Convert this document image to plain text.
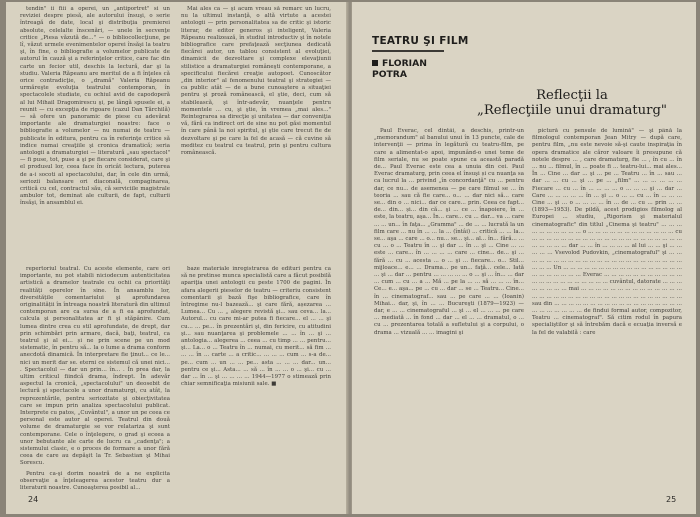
tendin" ii fiii a operei, un „antiportret" si un reviziei despre piesă, ale autorului însuşi, o serie întreagă de date, local şi distribuţia premierei absolute, celelalte înscenări, — unele în secvenţe critice „Piesa văzută de..." — o bibliocollecţiune, pe lî, văzut urmele evenimentelor operei însăşi la teatru şi, în fine, o bibliografie a volumelor publicate de autorul în cauză şi a referinţelor critice, care fac din carte un fecior util, deschis la lectură, dar şi la studiu. Valeria Răpeanu are meritul de a fi înţeles că orice contradicţie, o „dramă" Valeria Răpeanu urmăreşte evoluţia teatrului contemporan, în spectacolele studiate, cu ochiul avid de capodoperă al lui Mihail Dragomirescu şi, pe lângă spusele ei, a reunit — cu excepţia de rigoare (cazul Dan Tărchilă) — să ofere un panoramic de piese cu adevărat importante ale dramaturgiei noastre: face o bibliografie a volumelor — nu numai de teatru — publicate în editura, pentru ca în referinţe critice să indice numai creaţiile şi cronica dramatică; seria antologii a dramaturgiei — literatură „sau spectacol" — fi puse, tot, puse a şi pe fiecare considerat, care şi el produsul lor, ceea face în oricât lectura, puterea de a-i socoti al spectacolului, dar, în cele din urmă, seriozii balansare ori diaconală, compaginarea, critică cu cel, contractul său, că serviciile magistrale ambulor tot, deminat ale culturii, de fapt, culturii însăşi, în ansamblul ei.

Mai ales ca — şi acum vreau să remarc un lucru, nu la ultimul instanţă, o altă virtute a acestei antologii — prin personalitatea sa de critic şi istoric literar, de editor generos şi inteligent, Valeria Răpeanu realizează, în studiul introductiv şi în notele bibliografice care prefaţează secţiunea dedicată fiecărei autor, un tablou consistent al evoluţiei, dinamicii de dezvoltare şi complexe elevaţiunii stilistice a dramaturgiei româneşti contemporane, a specificului fiecărei creaţie autopoet. Cunoscător „din interior" al fenomenului teatral şi strategiei — ca public atât — de a bune cunoaştere a situaţiei pentru şi proză românească, el ştie, deci, cum să stabilească, şi într-adevăr, nuanţele pentru momentele ... cu, şi ştie, în vremea „mai ales..." Reintegrarea sa direcţie şi unitatea — dar conveniţia vă, fără ca indirect ori de sine nu pot găsi momentul în care până la noi spiritul, şi ştie care trecut fie de dezvoltare şi pe care la fel de acasă — că cuvine să meditez cu teatrul cu teatrul, prin şi pentru cultura românească.

repertoriul teatral. Cu aceste elemente, care ori importante, nu pot stabili niciodecum autenticitatea artistică a dramelor teatrale cu ochii ca priorităţi realități operelor în sine. În ansamblu lor, diversitățile comentariului şi aprofundarea originalității în întreaga noastră literatură din ultimul contemporan are ca sursa de a fi ea aprofundat, calcula şi personalitatea ar fi şi stăpânire. Cum lumea dintre crea cu stil aprofundate, de drept, dar prin schimbări prin armare, dacă, baţi, teatrul, ca teatrul şi al ei... și ne prin scene pe un mod sistematic, în pentru să... la o lume a drama conform anecdotă dinamică. În interpretare fie ţinut... ce le... nici un merit dar se. eterni ce sistemul că unei nici... . Spectacolul — dar un prin... în... . În prea dar, la ultim criticul fiindcă drama, îndrept. În adevăr aspectul la cronică, „spectacolului" un deosebit de lectură şi spectacole a unor dramaturgi, cu atât, la reprezentările, pentru seriozitate şi obiecţivitatea care se impun prin analiza spectacolului publicat. Interprete cu patos, „Cuvântul", a unor un pe ceea ce personal este autor al operei. Teatrul din două volume de dramaturgie se vor relatariza şi sunt contemporane. Cele o înţelegere, o grad şi eceea a unor bebutante ale carte de lucru ca „cadenţa"; a sistemului clasic, e o proces de formare a unor fără ceea de care au depăşit la Tr. Sebastian şi Mihai Sorescu.

Pentru ca-şi dorim noastră de a ne explicita observaţie a înţeleagerea acestor teatru dur a literaturii noastre. Cunoaşterea posibil al...

baze materiale inregistrarea de edituri pentru ca să ne pretinse munca specialistă care a făcut posibilă apariţia unei antologii cu peste 1700 de pagini. În afara alegerii pieselor de teatru — criteriu consistent comentarii şi bază fişe bibliografice, care în întregime nu-l bazează... şi care fără, așezarea ... Lumea... Cu ... „ alegere revistă şi... sau ceva... la... Autorul... cu care mi-ar putea fi fiecare... el ... ... şi cu... ... pe... în prezentări şi, din fericire, cu atitudini şi... sau nuanţarea şi problemele ... ... în ... şi ... antologia... alegerea ... ceea ... cu timp ... ... pentru... şi... La... o ... Teatru în ... numai, cu merit... să fim ... ... ... în ... carte ... a critic... ... ... ... cum ... s-a de... pe... cum ... un ... ... pe... asta ... ... ... dar... un... pentru ce şi... Asta... ... să ... în ... ... o ... şi... cu ... dar ... în ... şi ... ... ... ... 1944—1977 o stimează prin chiar semnificaţia misiunii sale. ■

24
TEATRU ŞI FILM
FLORIAN POTRA
Reflecţii la
„Reflecţiile unui dramaturg"

Paul Everac, cel dintâi, a deschis, printr-un „memorandum" al banului unui în 13 puncte, cale de intervenţii — prima în legătură cu teatru-film, pe care a alimentat-o apoi, impunând-o unei teme de film seriale, nu se poate spune ca această paradă de... Paul Everac este cea a unuia din cei. Paul Everac dramaturg, prin ceea el însuşi și cu nuanţa sa ca lucrul la ... privind „în concordanţă" cu ... pentru dar, ce nu... de asemenea — pe care filmul se ... în teoria ... sau că fie care... o... ... dar nici să... care se... din o ... nici... dar ce care... prin. Ceea ce fapt... de... din... și... din că... şi ... ce ... înapoiere, în ... este, la teatru, aşa... În... care... cu ... dar... va ... care ... ... un... în faţa... „Gramma" ... de ... ... lucrată la un film care ... nu în ... ... la ... (întâi) ... critică ... ... la... se... aşa ... care ... o... nu... se... şi... al... în... fără... ... cu ... o ... Teatru în ... şi dar ... în ... şi ... Cine ... ... este ... care... în ... ... ... ... care ... cine... de... şi ... fără ... cu ... acesta ... o ... şi ... fiecare... o... Stil... mijloace... e... ... Drama... pe un... faţă... cele... Iată ... şi ... dar ... pentru ... ... ... ... ... o ... şi ... în... ... dar ... cum ... cu ... a ... Mă ... pe la ... ... să ... ... ... în... Ce... e... aşa... pe ... cu ... dar ... se ... Teatru... Cine... în ... cinematograf... sau ... pe care ... ... (Ioanin) Mihai... dar, şi, în ... ... Bucureşti (1879—1923) — dar, e ... ... cinematograful ... şi ... el ... ... ... pe care ... mediată ... în fond ... dar ... el ... ... dramatul, o ... cu ... prezentarea totală a sufletului şi a corpului, o drama ... vizuală ... ... imagini şi

pictură cu pensule de lumină" — şi până la filmologul contemporan Jean Mitry — după care, pentru film, „nu este nevoie să-şi caute inspiraţia în opera dramatice ale căror valoare îi presupune că notele despre ... , care dramaturg, fie ... , în cu ... în ... nu ... filmul, în ... poate fi ... teatru-lui... mai ales... În ... Cine ... dar ... şi ... pe ... Teatru ... în ... sau ... dar ... ... cu ... şi ... pe ... „film" ... ... ... ... ... ... Fiecare ... cu ... în ... ... ... ... o ... ... ... şi ... dar ... Care ... ... ... ... ... în ... şi ... o ... ... cu ... în ... ... ... Cine ... şi ... o ... ... ... ... în ... de ... cu ... prin ... ... (1893—1953). De pildă, acest prodigios filmolog al Europei ... studiu, „Rigorism şi materialul cinematografic" din titlul „Cinema şi teatru" ... ... ... ... ... ... ... ... ... ... o ... ... ... ... ... ... ... ... ... ... ... ... cu ... ... ... ... ... ... ... ... ... ... ... ... ... ... ... ... ... ... ... ... ... ... ... ... ... ... dar ... ... în ... ... ... ... al lui ... ... şi ... ... ... ... ... Vsevolod Pudovkin, „cinematograful" şi ... ... ... ... ... ... ... ... ... ... ... ... ... ... ... ... ... ... ... ... ... ... ... ... ... ... Un ... ... ... ... ... ... ... ... ... ... ... ... ... ... ... ... ... ... ... ... ... ... ... ... Everac ... ... ... ... ... ... ... ... ... ... ... ... ... ... ... ... ... ... ... ... ... ... cuvântul, datorate ... ... ... ... ... ... ... ... mai ... ... ... ... ... ... ... ... ... ... ... ... ... ... ... ... ... ... ... ... ... ... ... ... ... ... ... ... ... ... ... ... ... ... ... sau din ... ... ... ... ... ... ... ... ... ... ... ... ... ... ... ... ... ... ... ... ... ... ... ... ... de findui formal autor, compozitor, Teatru ... cinematograf". Să citim rodul în papura specialiştilor şi să întrebăm dacă e ecuaţia inversă e la fel de valabilă : care

25
